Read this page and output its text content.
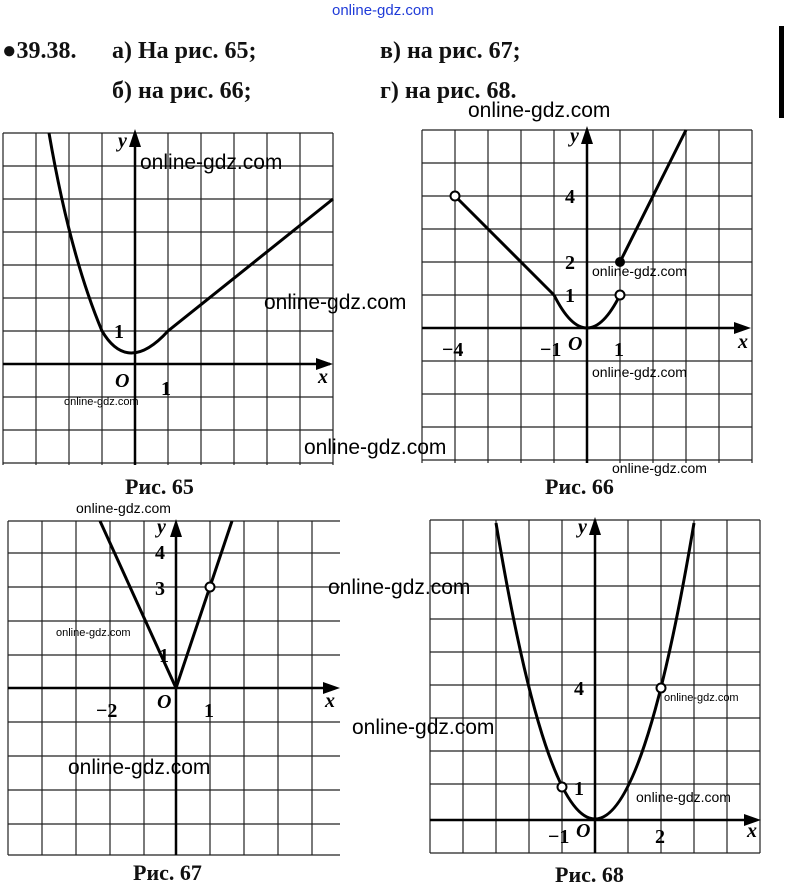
online-gdz.com
●39.38. а) На рис. 65;
б) на рис. 66;
в) на рис. 67;
г) на рис. 68.
y
x
O 1
1
Рис. 65
y
x
O
−4	−1	1
4
2
1
Рис. 66
y
x
O
−2	1
4
3
1
Рис. 67
y
x
O
−1	2
4
1
Рис. 68
online-gdz.com
online-gdz.com
online-gdz.com
online-gdz.com
online-gdz.com
online-gdz.com
online-gdz.com
online-gdz.com
online-gdz.com
online-gdz.com
online-gdz.com
online-gdz.com
online-gdz.com
online-gdz.com
online-gdz.com
